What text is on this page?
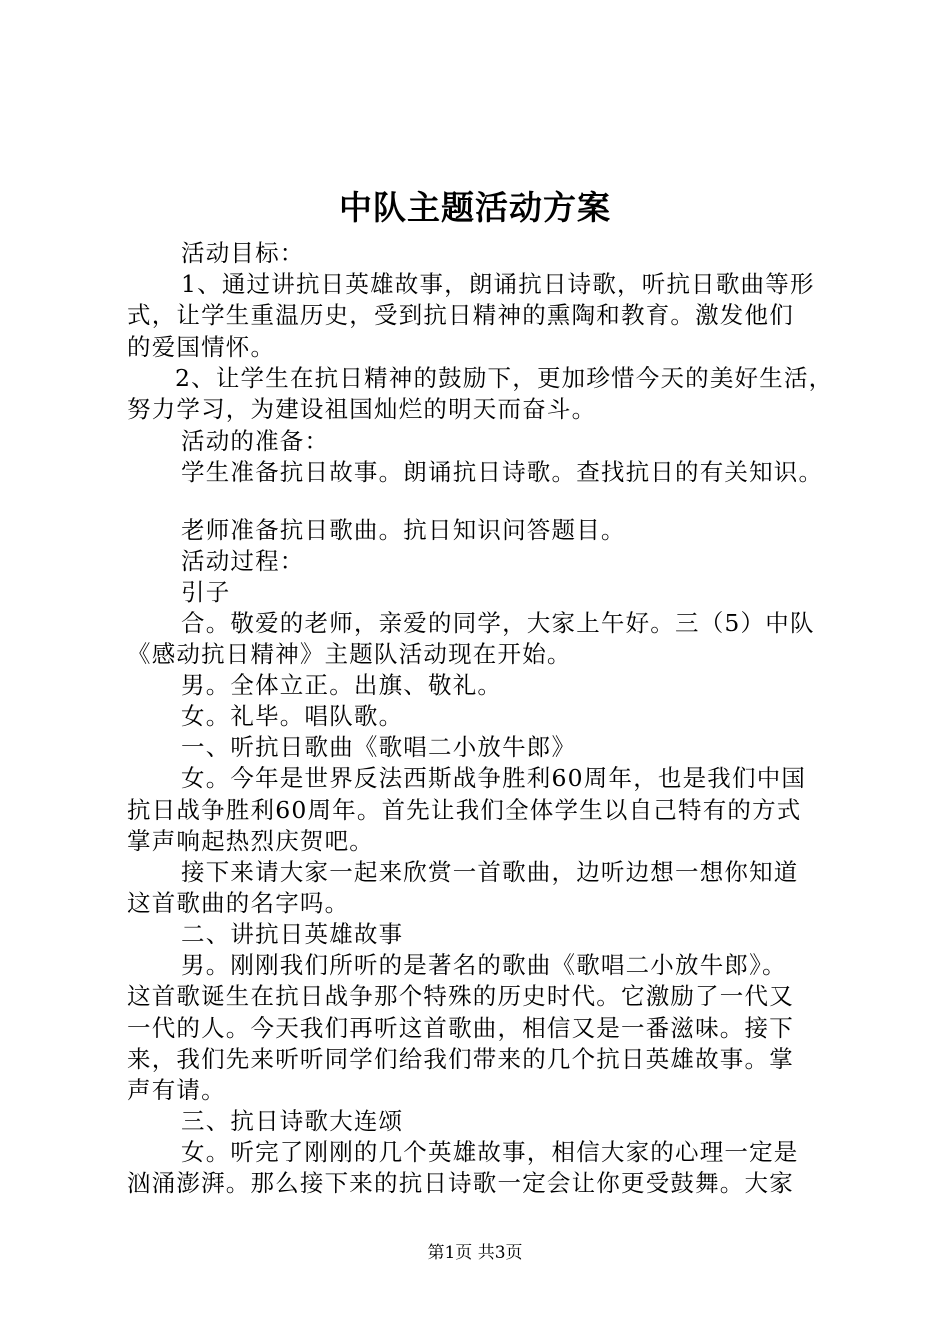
中队主题活动方案
活动目标：
1、通过讲抗日英雄故事，朗诵抗日诗歌，听抗日歌曲等形
式，让学生重温历史，受到抗日精神的熏陶和教育。激发他们
的爱国情怀。
2、让学生在抗日精神的鼓励下，更加珍惜今天的美好生活，
努力学习，为建设祖国灿烂的明天而奋斗。
活动的准备：
学生准备抗日故事。朗诵抗日诗歌。查找抗日的有关知识。
老师准备抗日歌曲。抗日知识问答题目。
活动过程：
引子
合。敬爱的老师，亲爱的同学，大家上午好。三（5）中队
《感动抗日精神》主题队活动现在开始。
男。全体立正。出旗、敬礼。
女。礼毕。唱队歌。
一、听抗日歌曲《歌唱二小放牛郎》
女。今年是世界反法西斯战争胜利60周年，也是我们中国
抗日战争胜利60周年。首先让我们全体学生以自己特有的方式
掌声响起热烈庆贺吧。
接下来请大家一起来欣赏一首歌曲，边听边想一想你知道
这首歌曲的名字吗。
二、讲抗日英雄故事
男。刚刚我们所听的是著名的歌曲《歌唱二小放牛郎》。
这首歌诞生在抗日战争那个特殊的历史时代。它激励了一代又
一代的人。今天我们再听这首歌曲，相信又是一番滋味。接下
来，我们先来听听同学们给我们带来的几个抗日英雄故事。掌
声有请。
三、抗日诗歌大连颂
女。听完了刚刚的几个英雄故事，相信大家的心理一定是
汹涌澎湃。那么接下来的抗日诗歌一定会让你更受鼓舞。大家
第1页 共3页
